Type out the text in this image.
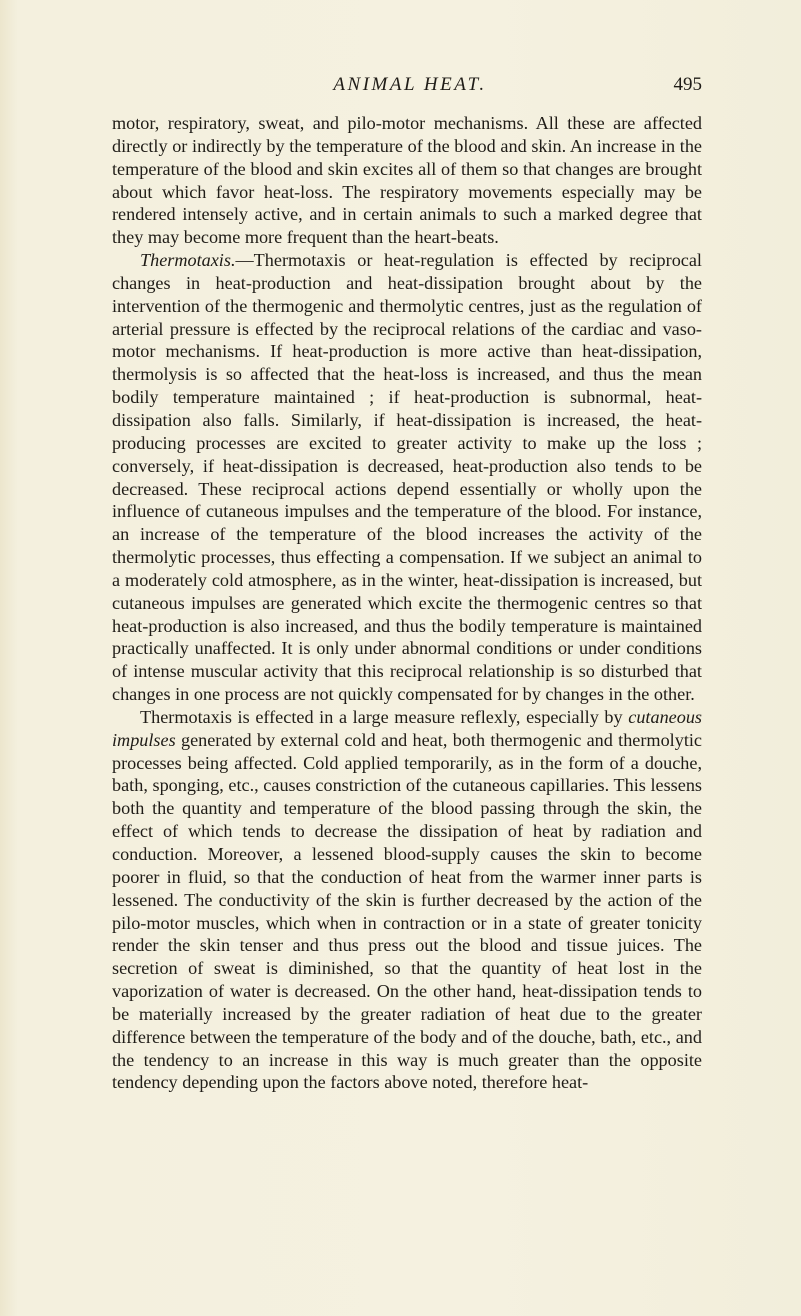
ANIMAL HEAT.	495

motor, respiratory, sweat, and pilo-motor mechanisms. All these are affected directly or indirectly by the temperature of the blood and skin. An increase in the temperature of the blood and skin excites all of them so that changes are brought about which favor heat-loss. The respiratory movements especially may be rendered intensely active, and in certain animals to such a marked degree that they may become more frequent than the heart-beats.

Thermotaxis.—Thermotaxis or heat-regulation is effected by reciprocal changes in heat-production and heat-dissipation brought about by the intervention of the thermogenic and thermolytic centres, just as the regulation of arterial pressure is effected by the reciprocal relations of the cardiac and vaso-motor mechanisms. If heat-production is more active than heat-dissipation, thermolysis is so affected that the heat-loss is increased, and thus the mean bodily temperature maintained ; if heat-production is subnormal, heat-dissipation also falls. Similarly, if heat-dissipation is increased, the heat-producing processes are excited to greater activity to make up the loss ; conversely, if heat-dissipation is decreased, heat-production also tends to be decreased. These reciprocal actions depend essentially or wholly upon the influence of cutaneous impulses and the temperature of the blood. For instance, an increase of the temperature of the blood increases the activity of the thermolytic processes, thus effecting a compensation. If we subject an animal to a moderately cold atmosphere, as in the winter, heat-dissipation is increased, but cutaneous impulses are generated which excite the thermogenic centres so that heat-production is also increased, and thus the bodily temperature is maintained practically unaffected. It is only under abnormal conditions or under conditions of intense muscular activity that this reciprocal relationship is so disturbed that changes in one process are not quickly compensated for by changes in the other.

Thermotaxis is effected in a large measure reflexly, especially by cutaneous impulses generated by external cold and heat, both thermogenic and thermolytic processes being affected. Cold applied temporarily, as in the form of a douche, bath, sponging, etc., causes constriction of the cutaneous capillaries. This lessens both the quantity and temperature of the blood passing through the skin, the effect of which tends to decrease the dissipation of heat by radiation and conduction. Moreover, a lessened blood-supply causes the skin to become poorer in fluid, so that the conduction of heat from the warmer inner parts is lessened. The conductivity of the skin is further decreased by the action of the pilo-motor muscles, which when in contraction or in a state of greater tonicity render the skin tenser and thus press out the blood and tissue juices. The secretion of sweat is diminished, so that the quantity of heat lost in the vaporization of water is decreased. On the other hand, heat-dissipation tends to be materially increased by the greater radiation of heat due to the greater difference between the temperature of the body and of the douche, bath, etc., and the tendency to an increase in this way is much greater than the opposite tendency depending upon the factors above noted, therefore heat-
